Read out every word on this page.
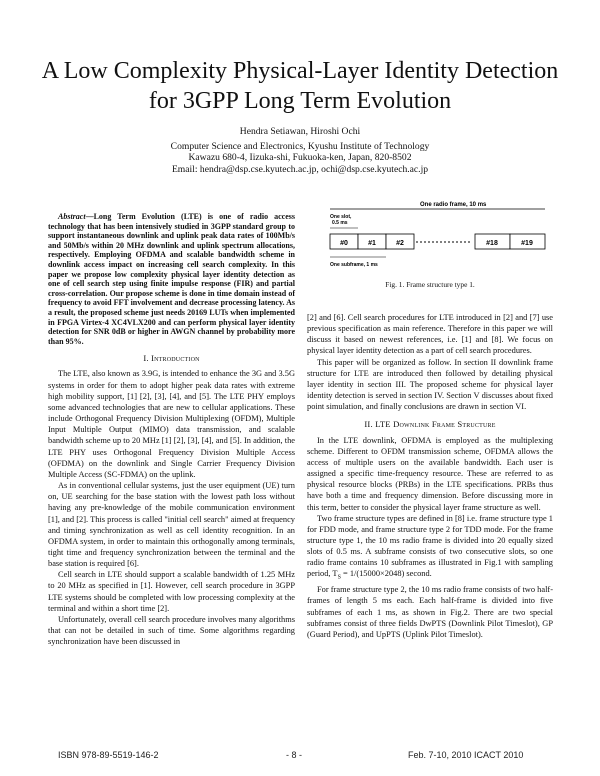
A Low Complexity Physical-Layer Identity Detection for 3GPP Long Term Evolution
Hendra Setiawan, Hiroshi Ochi
Computer Science and Electronics, Kyushu Institute of Technology
Kawazu 680-4, Iizuka-shi, Fukuoka-ken, Japan, 820-8502
Email: hendra@dsp.cse.kyutech.ac.jp, ochi@dsp.cse.kyutech.ac.jp

Abstract—Long Term Evolution (LTE) is one of radio access technology that has been intensively studied in 3GPP standard group to support instantaneous downlink and uplink peak data rates of 100Mb/s and 50Mb/s within 20 MHz downlink and uplink spectrum allocations, respectively. Employing OFDMA and scalable bandwidth scheme in downlink access impact on increasing cell search complexity. In this paper we propose low complexity physical layer identity detection as one of cell search step using finite impulse response (FIR) and partial cross-correlation. Our propose scheme is done in time domain instead of frequency to avoid FFT involvement and decrease processing latency. As a result, the proposed scheme just needs 20169 LUTs when implemented in FPGA Virtex-4 XC4VLX200 and can perform physical layer identity detection for SNR 0dB or higher in AWGN channel by probability more than 95%.

I. Introduction

The LTE, also known as 3.9G, is intended to enhance the 3G and 3.5G systems in order for them to adopt higher peak data rates with extreme high mobility support, [1] [2], [3], [4], and [5]. The LTE PHY employs some advanced technologies that are new to cellular applications. These include Orthogonal Frequency Division Multiplexing (OFDM), Multiple Input Multiple Output (MIMO) data transmission, and scalable bandwidth scheme up to 20 MHz [1] [2], [3], [4], and [5]. In addition, the LTE PHY uses Orthogonal Frequency Division Multiple Access (OFDMA) on the downlink and Single Carrier Frequency Division Multiple Access (SC-FDMA) on the uplink.

As in conventional cellular systems, just the user equipment (UE) turn on, UE searching for the base station with the lowest path loss without having any pre-knowledge of the mobile communication environment [1], and [2]. This process is called "initial cell search" aimed at frequency and timing synchronization as well as cell identity recognition. In an OFDMA system, in order to maintain this orthogonally among terminals, tight time and frequency synchronization between the terminal and the base station is required [6].

Cell search in LTE should support a scalable bandwidth of 1.25 MHz to 20 MHz as specified in [1]. However, cell search procedure in 3GPP LTE systems should be completed with low processing complexity at the terminal and within a short time [2].

Unfortunately, overall cell search procedure involves many algorithms that can not be detailed in such of time. Some algorithms regarding synchronization have been discussed in

One radio frame, 10 ms
One slot,
0.5 ms
#0	#1	#2	#18	#19
One subframe, 1 ms
Fig. 1. Frame structure type 1.

[2] and [6]. Cell search procedures for LTE introduced in [2] and [7] use previous specification as main reference. Therefore in this paper we will discuss it based on newest references, i.e. [1] and [8]. We focus on physical layer identity detection as a part of cell search procedures.

This paper will be organized as follow. In section II downlink frame structure for LTE are introduced then followed by detailing physical layer identity in section III. The proposed scheme for physical layer identity detection is served in section IV. Section V discusses about fixed point simulation, and finally conclusions are drawn in section VI.

II. LTE Downlink Frame Structure

In the LTE downlink, OFDMA is employed as the multiplexing scheme. Different to OFDM transmission scheme, OFDMA allows the access of multiple users on the available bandwidth. Each user is assigned a specific time-frequency resource. These are referred to as physical resource blocks (PRBs) in the LTE specifications. PRBs thus have both a time and frequency dimension. Before discussing more in this term, better to consider the physical layer frame structure as well.

Two frame structure types are defined in [8] i.e. frame structure type 1 for FDD mode, and frame structure type 2 for TDD mode. For the frame structure type 1, the 10 ms radio frame is divided into 20 equally sized slots of 0.5 ms. A subframe consists of two consecutive slots, so one radio frame contains 10 subframes as illustrated in Fig.1 with sampling period, $T_S = 1/(15000\times 2048)$ second.

For frame structure type 2, the 10 ms radio frame consists of two half-frames of length 5 ms each. Each half-frame is divided into five subframes of each 1 ms, as shown in Fig.2. There are two special subframes consist of three fields DwPTS (Downlink Pilot Timeslot), GP (Guard Period), and UpPTS (Uplink Pilot Timeslot).

ISBN 978-89-5519-146-2	- 8 -	Feb. 7-10, 2010 ICACT 2010
